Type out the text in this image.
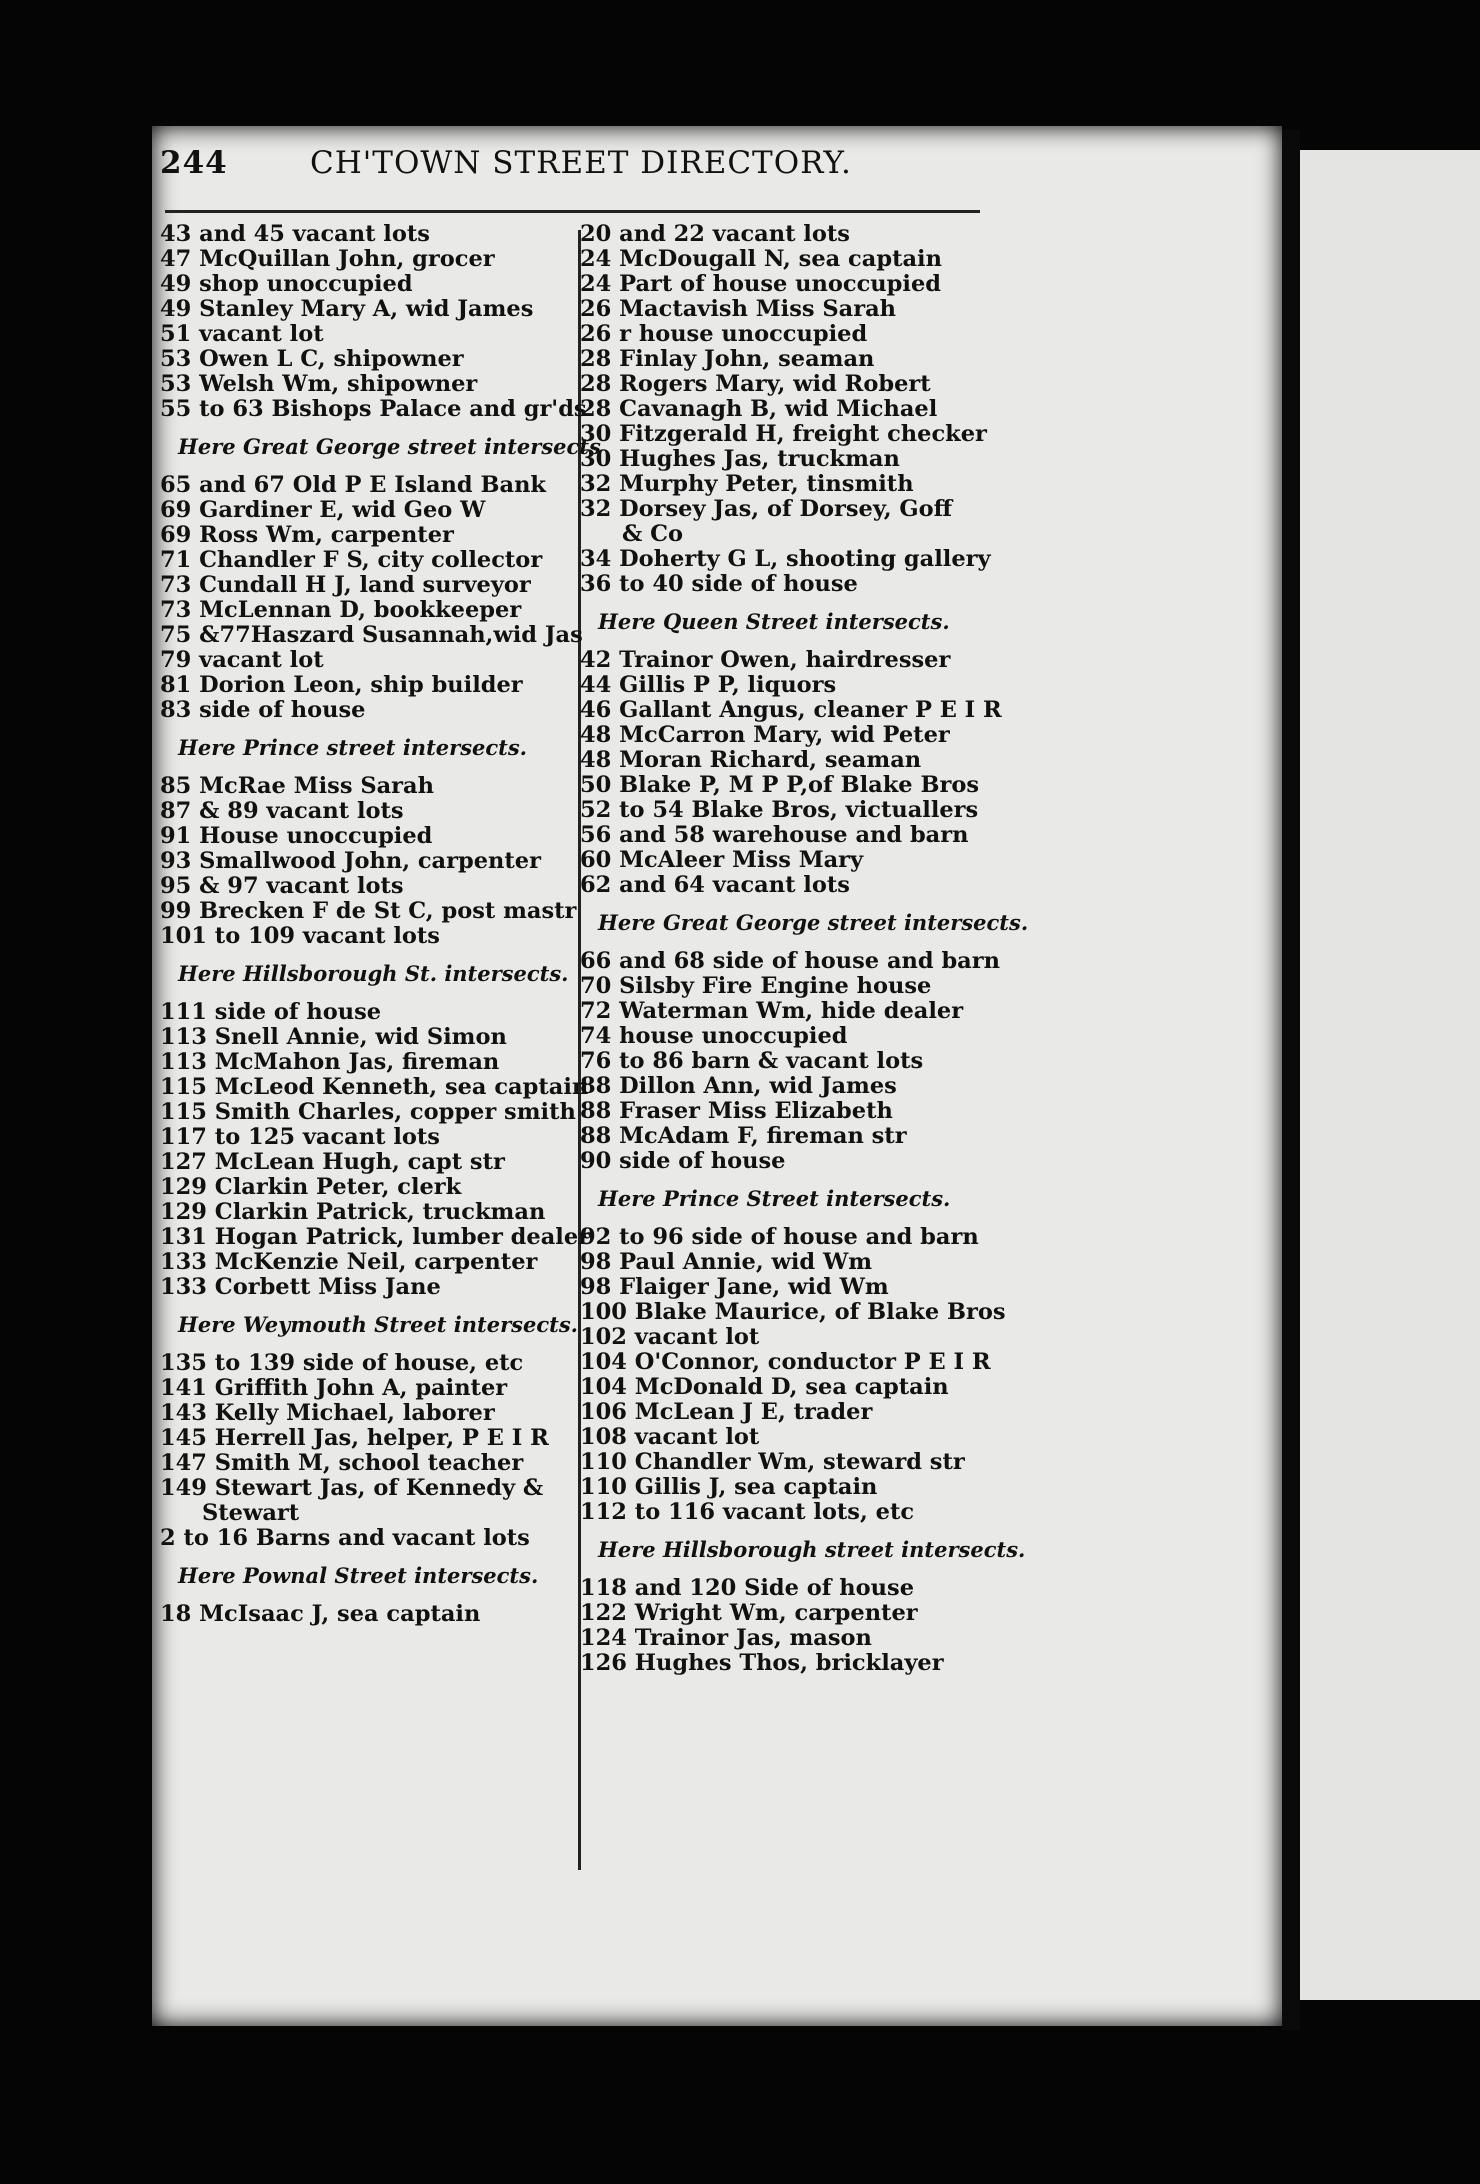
244	CH'TOWN STREET DIRECTORY.
43 and 45 vacant lots
47 McQuillan John, grocer
49 shop unoccupied
49 Stanley Mary A, wid James
51 vacant lot
53 Owen L C, shipowner
53 Welsh Wm, shipowner
55 to 63 Bishops Palace and gr'ds
Here Great George street intersects
65 and 67 Old P E Island Bank
69 Gardiner E, wid Geo W
69 Ross Wm, carpenter
71 Chandler F S, city collector
73 Cundall H J, land surveyor
73 McLennan D, bookkeeper
75 &77Haszard Susannah,wid Jas
79 vacant lot
81 Dorion Leon, ship builder
83 side of house
Here Prince street intersects.
85 McRae Miss Sarah
87 & 89 vacant lots
91 House unoccupied
93 Smallwood John, carpenter
95 & 97 vacant lots
99 Brecken F de St C, post mastr
101 to 109 vacant lots
Here Hillsborough St. intersects.
111 side of house
113 Snell Annie, wid Simon
113 McMahon Jas, fireman
115 McLeod Kenneth, sea captain
115 Smith Charles, copper smith
117 to 125 vacant lots
127 McLean Hugh, capt str
129 Clarkin Peter, clerk
129 Clarkin Patrick, truckman
131 Hogan Patrick, lumber dealer
133 McKenzie Neil, carpenter
133 Corbett Miss Jane
Here Weymouth Street intersects.
135 to 139 side of house, etc
141 Griffith John A, painter
143 Kelly Michael, laborer
145 Herrell Jas, helper, P E I R
147 Smith M, school teacher
149 Stewart Jas, of Kennedy &
Stewart
2 to 16 Barns and vacant lots
Here Pownal Street intersects.
18 McIsaac J, sea captain
20 and 22 vacant lots
24 McDougall N, sea captain
24 Part of house unoccupied
26 Mactavish Miss Sarah
26 r house unoccupied
28 Finlay John, seaman
28 Rogers Mary, wid Robert
28 Cavanagh B, wid Michael
30 Fitzgerald H, freight checker
30 Hughes Jas, truckman
32 Murphy Peter, tinsmith
32 Dorsey Jas, of Dorsey, Goff
& Co
34 Doherty G L, shooting gallery
36 to 40 side of house
Here Queen Street intersects.
42 Trainor Owen, hairdresser
44 Gillis P P, liquors
46 Gallant Angus, cleaner P E I R
48 McCarron Mary, wid Peter
48 Moran Richard, seaman
50 Blake P, M P P,of Blake Bros
52 to 54 Blake Bros, victuallers
56 and 58 warehouse and barn
60 McAleer Miss Mary
62 and 64 vacant lots
Here Great George street intersects.
66 and 68 side of house and barn
70 Silsby Fire Engine house
72 Waterman Wm, hide dealer
74 house unoccupied
76 to 86 barn & vacant lots
88 Dillon Ann, wid James
88 Fraser Miss Elizabeth
88 McAdam F, fireman str
90 side of house
Here Prince Street intersects.
92 to 96 side of house and barn
98 Paul Annie, wid Wm
98 Flaiger Jane, wid Wm
100 Blake Maurice, of Blake Bros
102 vacant lot
104 O'Connor, conductor P E I R
104 McDonald D, sea captain
106 McLean J E, trader
108 vacant lot
110 Chandler Wm, steward str
110 Gillis J, sea captain
112 to 116 vacant lots, etc
Here Hillsborough street intersects.
118 and 120 Side of house
122 Wright Wm, carpenter
124 Trainor Jas, mason
126 Hughes Thos, bricklayer
